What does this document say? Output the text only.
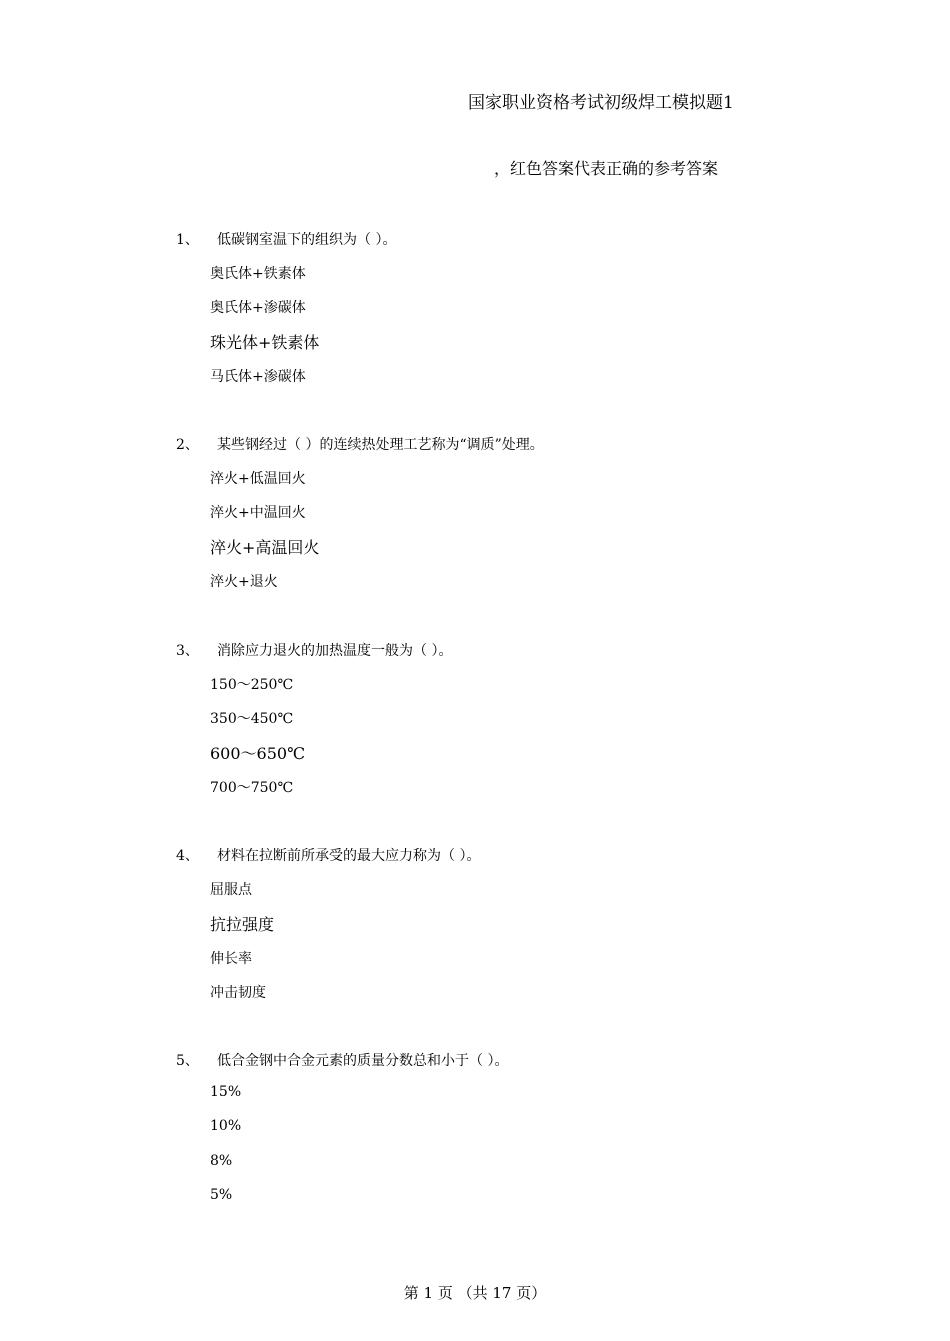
国家职业资格考试初级焊工模拟题1
，红色答案代表正确的参考答案
1、 低碳钢室温下的组织为（ ）。
奥氏体+铁素体
奥氏体+渗碳体
珠光体+铁素体
马氏体+渗碳体
2、 某些钢经过（ ）的连续热处理工艺称为“调质”处理。
淬火+低温回火
淬火+中温回火
淬火+高温回火
淬火+退火
3、 消除应力退火的加热温度一般为（ ）。
150～250℃
350～450℃
600～650℃
700～750℃
4、 材料在拉断前所承受的最大应力称为（ ）。
屈服点
抗拉强度
伸长率
冲击韧度
5、 低合金钢中合金元素的质量分数总和小于（ ）。
15%
10%
8%
5%
第 1 页 （共 17 页）
